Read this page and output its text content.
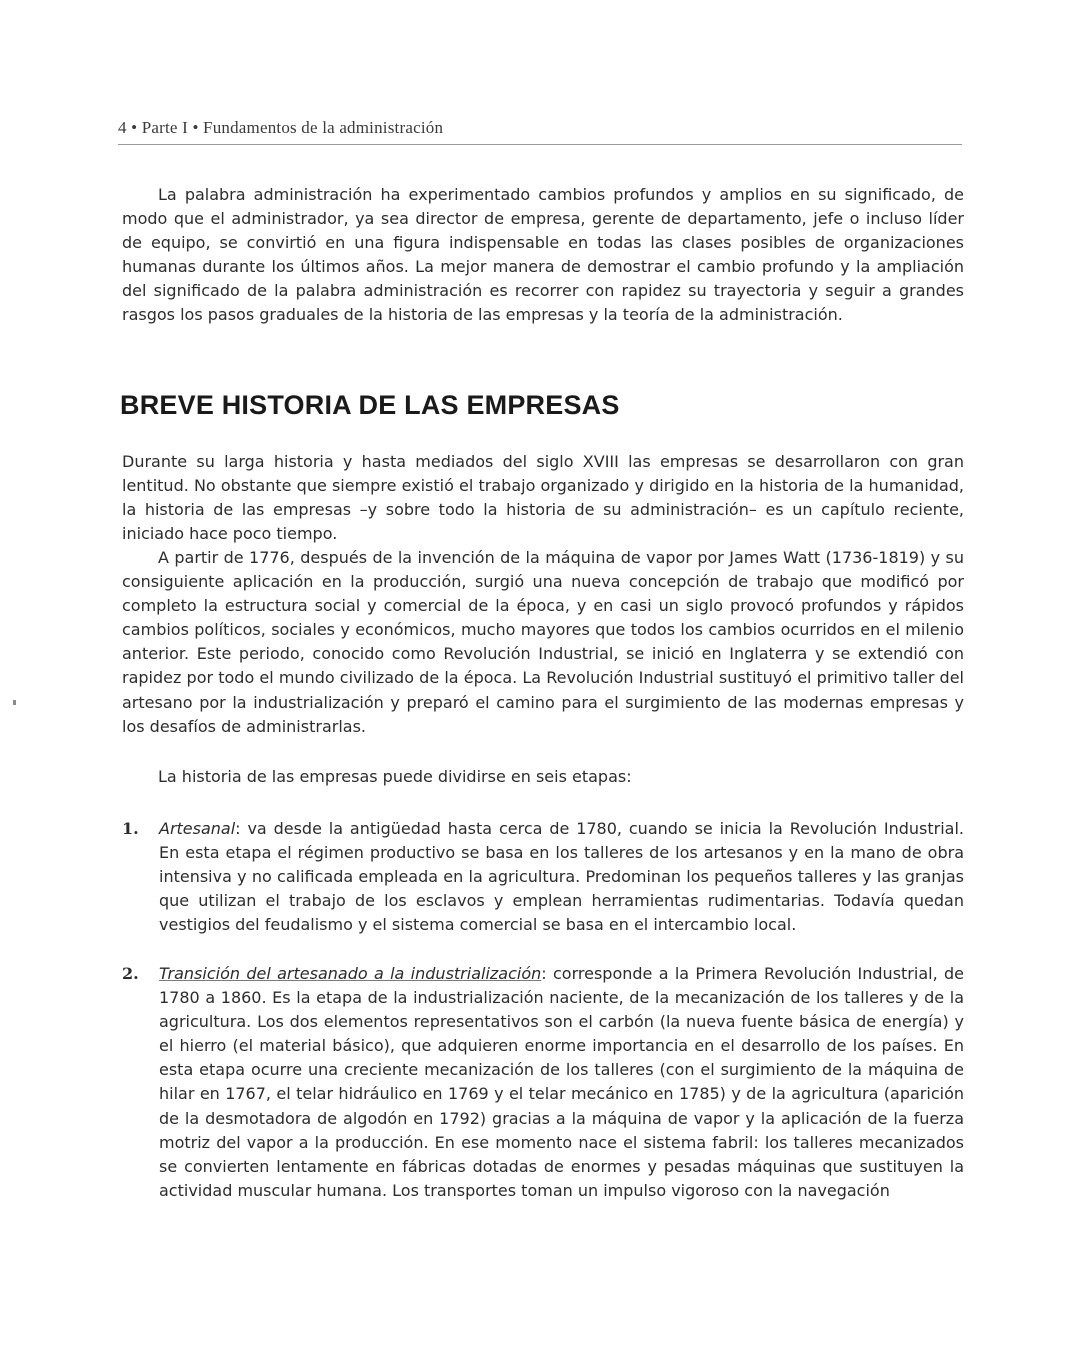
4 • Parte I • Fundamentos de la administración

La palabra administración ha experimentado cambios profundos y amplios en su significado, de modo que el administrador, ya sea director de empresa, gerente de departamento, jefe o incluso líder de equipo, se convirtió en una figura indispensable en todas las clases posibles de organizaciones humanas durante los últimos años. La mejor manera de demostrar el cambio profundo y la ampliación del significado de la palabra administración es recorrer con rapidez su trayectoria y seguir a grandes rasgos los pasos graduales de la historia de las empresas y la teoría de la administración.

BREVE HISTORIA DE LAS EMPRESAS

Durante su larga historia y hasta mediados del siglo XVIII las empresas se desarrollaron con gran lentitud. No obstante que siempre existió el trabajo organizado y dirigido en la historia de la humanidad, la historia de las empresas –y sobre todo la historia de su administración– es un capítulo reciente, iniciado hace poco tiempo.

A partir de 1776, después de la invención de la máquina de vapor por James Watt (1736-1819) y su consiguiente aplicación en la producción, surgió una nueva concepción de trabajo que modificó por completo la estructura social y comercial de la época, y en casi un siglo provocó profundos y rápidos cambios políticos, sociales y económicos, mucho mayores que todos los cambios ocurridos en el milenio anterior. Este periodo, conocido como Revolución Industrial, se inició en Inglaterra y se extendió con rapidez por todo el mundo civilizado de la época. La Revolución Industrial sustituyó el primitivo taller del artesano por la industrialización y preparó el camino para el surgimiento de las modernas empresas y los desafíos de administrarlas.

La historia de las empresas puede dividirse en seis etapas:

1. Artesanal: va desde la antigüedad hasta cerca de 1780, cuando se inicia la Revolución Industrial. En esta etapa el régimen productivo se basa en los talleres de los artesanos y en la mano de obra intensiva y no calificada empleada en la agricultura. Predominan los pequeños talleres y las granjas que utilizan el trabajo de los esclavos y emplean herramientas rudimentarias. Todavía quedan vestigios del feudalismo y el sistema comercial se basa en el intercambio local.
2. Transición del artesanado a la industrialización: corresponde a la Primera Revolución Industrial, de 1780 a 1860. Es la etapa de la industrialización naciente, de la mecanización de los talleres y de la agricultura. Los dos elementos representativos son el carbón (la nueva fuente básica de energía) y el hierro (el material básico), que adquieren enorme importancia en el desarrollo de los países. En esta etapa ocurre una creciente mecanización de los talleres (con el surgimiento de la máquina de hilar en 1767, el telar hidráulico en 1769 y el telar mecánico en 1785) y de la agricultura (aparición de la desmotadora de algodón en 1792) gracias a la máquina de vapor y la aplicación de la fuerza motriz del vapor a la producción. En ese momento nace el sistema fabril: los talleres mecanizados se convierten lentamente en fábricas dotadas de enormes y pesadas máquinas que sustituyen la actividad muscular humana. Los transportes toman un impulso vigoroso con la navegación
